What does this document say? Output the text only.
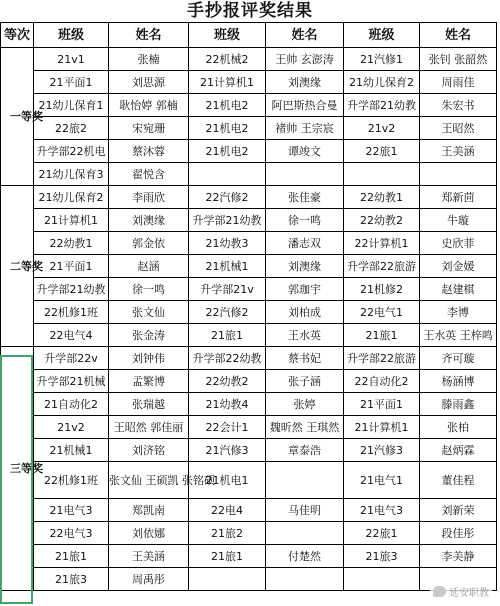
手抄报评奖结果
等次	班级	姓名	班级	姓名	班级	姓名

一等奖	21v1	张楠	22机械2	王帅 玄澎涛	21汽修1	张钊 张韶然
	21平面1	刘思源	21计算机1	刘澳缘	21幼儿保育2	周雨佳
	21幼儿保育1	耿怡婷 郭楠	21机电2	阿巴斯热合曼	升学部21幼教	朱宏书
	22旅2	宋宛珊	21机电2	褚帅 王宗宸	21v2	王昭然
	升学部22机电	蔡沐蓉	21机电2	谭竣文	22旅1	王美涵
	21幼儿保育3	翟悦含				

二等奖	21幼儿保育2	李雨欣	22汽修2	张佳豪	22幼教1	郑新茴
	21计算机1	刘澳缘	升学部21幼教	徐一鸣	22幼教2	牛璇
	22幼教1	郭金依	21幼教3	潘志双	22计算机1	史欣菲
	21平面1	赵涵	21机械1	刘澳缘	升学部22旅游	刘金媛
	升学部21幼教	徐一鸣	升学部21v	郭珈宇	21机修2	赵建棋
	22机修1班	张文仙	22汽修2	刘柏成	22电气1	李博
	22电气4	张金涛	21旅1	王水英	21旅1	王水英 王梓鸣

三等奖	升学部22v	刘钟伟	升学部22幼教	蔡书妃	升学部22旅游	齐可璇
	升学部21机械	孟繁博	22幼教2	张子涵	22自动化2	杨涵博
	21自动化2	张瑞越	21幼教4	张婷	21平面1	滕雨鑫
	21v2	王昭然 郭佳丽	22会计1	魏昕然 王琪然	21计算机1	张柏
	21机械1	刘济铭	21汽修3	章泰浩	21汽修3	赵炳霖
	22机修1班	张文仙 王硕凯 张铭硕	21机电1		21电气1	董佳程
	21电气3	郑凯南	22电4	马佳明	21电气3	刘新荣
	22电气3	刘依娜	21旅2		22旅1	段佳彤
	21旅1	王美涵	21旅1	付楚然	21旅3	李美静
	21旅3	周禹彤				
延安职教
